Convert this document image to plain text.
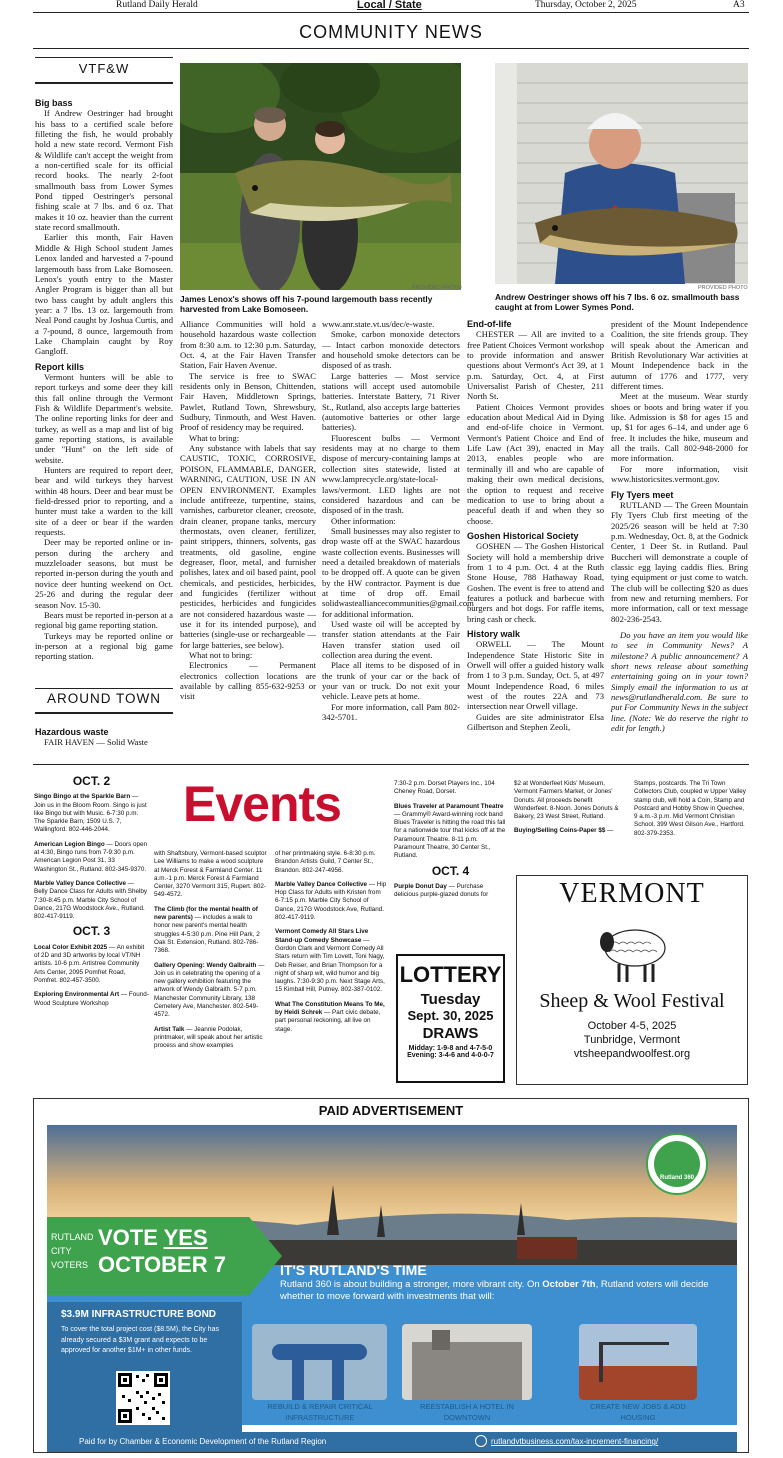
Rutland Daily Herald	Local / State	Thursday, October 2, 2025	A3
COMMUNITY NEWS
VTF&W
Big bass

If Andrew Oestringer had brought his bass to a certified scale before filleting the fish, he would probably hold a new state record. Vermont Fish & Wildlife can't accept the weight from a non-certified scale for its official record books. The nearly 2-foot smallmouth bass from Lower Symes Pond tipped Oestringer's personal fishing scale at 7 lbs. and 6 oz. That makes it 10 oz. heavier than the current state record smallmouth.

Earlier this month, Fair Haven Middle & High School student James Lenox landed and harvested a 7-pound largemouth bass from Lake Bomoseen. Lenox's youth entry to the Master Angler Program is bigger than all but two bass caught by adult anglers this year: a 7 lbs. 13 oz. largemouth from Neal Pond caught by Joshua Curtis, and a 7-pound, 8 ounce, largemouth from Lake Champlain caught by Roy Gangloff.

Report kills

Vermont hunters will be able to report turkeys and some deer they kill this fall online through the Vermont Fish & Wildlife Department's website. The online reporting links for deer and turkey, as well as a map and list of big game reporting stations, is available under "Hunt" on the left side of website.

Hunters are required to report deer, bear and wild turkeys they harvest within 48 hours. Deer and bear must be field-dressed prior to reporting, and a hunter must take a warden to the kill site of a deer or bear if the warden requests.

Deer may be reported online or in-person during the archery and muzzleloader seasons, but must be reported in-person during the youth and novice deer hunting weekend on Oct. 25-26 and during the regular deer season Nov. 15-30.

Bears must be reported in-person at a regional big game reporting station.

Turkeys may be reported online or in-person at a regional big game reporting station.

AROUND TOWN
Hazardous waste

FAIR HAVEN — Solid Waste

PROVIDED PHOTO
James Lenox's shows off his 7-pound largemouth bass recently harvested from Lake Bomoseen.
PROVIDED PHOTO
Andrew Oestringer shows off his 7 lbs. 6 oz. smallmouth bass caught at from Lower Symes Pond.

Alliance Communities will hold a household hazardous waste collection from 8:30 a.m. to 12:30 p.m. Saturday, Oct. 4, at the Fair Haven Transfer Station, Fair Haven Avenue.

The service is free to SWAC residents only in Benson, Chittenden, Fair Haven, Middletown Springs, Pawlet, Rutland Town, Shrewsbury, Sudbury, Tinmouth, and West Haven. Proof of residency may be required.

What to bring:

Any substance with labels that say CAUSTIC, TOXIC, CORROSIVE, POISON, FLAMMABLE, DANGER, WARNING, CAUTION, USE IN AN OPEN ENVIRONMENT. Examples include antifreeze, turpentine, stains, varnishes, carburetor cleaner, creosote, drain cleaner, propane tanks, mercury thermostats, oven cleaner, fertilizer, paint strippers, thinners, solvents, gas treatments, old gasoline, engine degreaser, floor, metal, and furnisher polishes, latex and oil based paint, pool chemicals, and pesticides, herbicides, and fungicides (fertilizer without pesticides, herbicides and fungicides are not considered hazardous waste — use it for its intended purpose), and batteries (single-use or rechargeable — for large batteries, see below).

What not to bring:

Electronics — Permanent electronics collection locations are available by calling 855-632-9253 or visit

www.anr.state.vt.us/dec/e-waste.

Smoke, carbon monoxide detectors — Intact carbon monoxide detectors and household smoke detectors can be disposed of as trash.

Large batteries — Most service stations will accept used automobile batteries. Interstate Battery, 71 River St., Rutland, also accepts large batteries (automotive batteries or other large batteries).

Fluorescent bulbs — Vermont residents may at no charge to them dispose of mercury-containing lamps at collection sites statewide, listed at www.lamprecycle.org/state-local-laws/vermont. LED lights are not considered hazardous and can be disposed of in the trash.

Other information:

Small businesses may also register to drop waste off at the SWAC hazardous waste collection events. Businesses will need a detailed breakdown of materials to be dropped off. A quote can be given by the HW contractor. Payment is due at time of drop off. Email solidwastealliancecommunities@gmail.com for additional information.

Used waste oil will be accepted by transfer station attendants at the Fair Haven transfer station used oil collection area during the event.

Place all items to be disposed of in the trunk of your car or the back of your van or truck. Do not exit your vehicle. Leave pets at home.

For more information, call Pam 802-342-5701.

End-of-life

CHESTER — All are invited to a free Patient Choices Vermont workshop to provide information and answer questions about Vermont's Act 39, at 1 p.m. Saturday, Oct. 4, at First Universalist Parish of Chester, 211 North St.

Patient Choices Vermont provides education about Medical Aid in Dying and end-of-life choice in Vermont. Vermont's Patient Choice and End of Life Law (Act 39), enacted in May 2013, enables people who are terminally ill and who are capable of making their own medical decisions, the option to request and receive medication to use to bring about a peaceful death if and when they so choose.

Goshen Historical Society

GOSHEN — The Goshen Historical Society will hold a membership drive from 1 to 4 p.m. Oct. 4 at the Ruth Stone House, 788 Hathaway Road, Goshen. The event is free to attend and features a potluck and barbecue with burgers and hot dogs. For raffle items, bring cash or check.

History walk

ORWELL — The Mount Independence State Historic Site in Orwell will offer a guided history walk from 1 to 3 p.m. Sunday, Oct. 5, at 497 Mount Independence Road, 6 miles west of the routes 22A and 73 intersection near Orwell village.

Guides are site administrator Elsa Gilbertson and Stephen Zeoli,

president of the Mount Independence Coalition, the site friends group. They will speak about the American and British Revolutionary War activities at Mount Independence back in the autumn of 1776 and 1777, very different times.

Meet at the museum. Wear sturdy shoes or boots and bring water if you like. Admission is $8 for ages 15 and up, $1 for ages 6–14, and under age 6 free. It includes the hike, museum and all the trails. Call 802-948-2000 for more information.

For more information, visit www.historicsites.vermont.gov.

Fly Tyers meet

RUTLAND — The Green Mountain Fly Tyers Club first meeting of the 2025/26 season will be held at 7:30 p.m. Wednesday, Oct. 8, at the Godnick Center, 1 Deer St. in Rutland. Paul Buccheri will demonstrate a couple of classic egg laying caddis flies. Bring tying equipment or just come to watch. The club will be collecting $20 as dues from new and returning members. For more information, call or text message 802-236-2543.

Do you have an item you would like to see in Community News? A milestone? A public announcement? A short news release about something entertaining going on in your town? Simply email the information to us at news@rutlandherald.com. Be sure to put For Community News in the subject line. (Note: We do reserve the right to edit for length.)

OCT. 2
Singo Bingo at the Sparkle Barn — Join us in the Bloom Room. Singo is just like Bingo but with Music. 6-7:30 p.m. The Sparkle Barn, 1509 U.S. 7, Wallingford. 802-446-2044.
American Legion Bingo — Doors open at 4:30, Bingo runs from 7-9:30 p.m. American Legion Post 31, 33 Washington St., Rutland. 802-345-9370.
Marble Valley Dance Collective — Belly Dance Class for Adults with Shelby 7:30-8:45 p.m. Marble City School of Dance, 217G Woodstock Ave., Rutland. 802-417-9119.
OCT. 3
Local Color Exhibit 2025 — An exhibit of 2D and 3D artworks by local VT/NH artists. 10-6 p.m. Artistree Community Arts Center, 2095 Pomfret Road, Pomfret. 802-457-3500.
Exploring Environmental Art — Found-Wood Sculpture Workshop
Events
with Shaftsbury, Vermont-based sculptor Lee Williams to make a wood sculpture at Merck Forest & Farmland Center. 11 a.m.-1 p.m. Merck Forest & Farmland Center, 3270 Vermont 315, Rupert. 802-549-4572.
The Climb (for the mental health of new parents) — includes a walk to honor new parent's mental health struggles 4-5:30 p.m. Pine Hill Park, 2 Oak St. Extension, Rutland. 802-786-7368.
Gallery Opening: Wendy Galbraith — Join us in celebrating the opening of a new gallery exhibition featuring the artwork of Wendy Galbraith. 5-7 p.m. Manchester Community Library, 138 Cemetery Ave, Manchester. 802-549-4572.
Artist Talk — Jeannie Podolak, printmaker, will speak about her artistic process and show examples
of her printmaking style. 6-8:30 p.m. Brandon Artists Guild, 7 Center St., Brandon. 802-247-4956.
Marble Valley Dance Collective — Hip Hop Class for Adults with Kristen from 6-7:15 p.m. Marble City School of Dance, 217G Woodstock Ave, Rutland. 802-417-9119.
Vermont Comedy All Stars Live Stand-up Comedy Showcase — Gordon Clark and Vermont Comedy All Stars return with Tim Lovett, Toni Nagy, Deb Reiser, and Brian Thompson for a night of sharp wit, wild humor and big laughs. 7:30-9:30 p.m. Next Stage Arts, 15 Kimball Hill, Putney. 802-387-0102.
What The Constitution Means To Me, by Heidi Schrek — Part civic debate, part personal reckoning, all live on stage.
7:30-2 p.m. Dorset Players Inc., 104 Cheney Road, Dorset.
Blues Traveler at Paramount Theatre — Grammy® Award-winning rock band Blues Traveler is hitting the road this fall for a nationwide tour that kicks off at the Paramount Theatre. 8-11 p.m. Paramount Theatre, 30 Center St., Rutland.
OCT. 4
Purple Donut Day — Purchase delicious purple-glazed donuts for
$2 at Wonderfeet Kids' Museum, Vermont Farmers Market, or Jones' Donuts. All proceeds benefit Wonderfeet. 8-Noon. Jones Donuts & Bakery, 23 West Street, Rutland.
Buying/Selling Coins-Paper $$ —
Stamps, postcards. The Tri Town Collectors Club, coupled w Upper Valley stamp club, will hold a Coin, Stamp and Postcard and Hobby Show in Quechee, 9 a.m.-3 p.m. Mid Vermont Christian School, 399 West Gilson Ave., Hartford. 802-379-2353.
LOTTERY
Tuesday
Sept. 30, 2025
DRAWS
Midday: 1-9-8 and 4-7-5-0
Evening: 3-4-6 and 4-0-0-7
VERMONT
Sheep & Wool Festival
October 4-5, 2025
Tunbridge, Vermont
vtsheepandwoolfest.org
PAID ADVERTISEMENT
Rutland 360
RUTLAND
CITY
VOTERS
VOTE YES
OCTOBER 7	IT'S RUTLAND'S TIME
Rutland 360 is about building a stronger, more vibrant city. On October 7th, Rutland voters will decide whether to move forward with investments that will:
$3.9M INFRASTRUCTURE BOND
To cover the total project cost ($8.5M), the City has already secured a $3M grant and expects to be approved for another $1M+ in other funds.
REBUILD & REPAIR CRITICAL INFRASTRUCTURE
REESTABLISH A HOTEL IN DOWNTOWN
CREATE NEW JOBS & ADD HOUSING
Paid for by Chamber & Economic Development of the Rutland Region	rutlandvtbusiness.com/tax-increment-financing/
